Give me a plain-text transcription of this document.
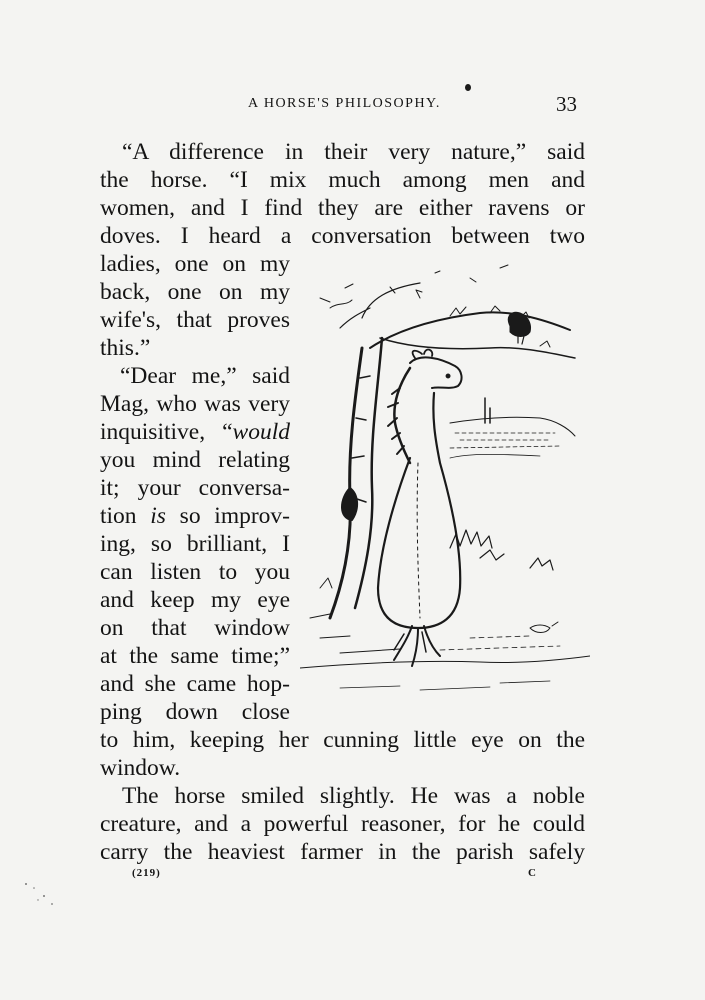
A HORSE'S PHILOSOPHY.	33
“A difference in their very nature,” said
the horse. “I mix much among men and
women, and I find they are either ravens or
doves. I heard a conversation between two
ladies, one on my
back, one on my
wife's, that proves
this.”
“Dear me,” said
Mag, who was very
inquisitive, “would
you mind relating
it; your conversa-
tion is so improv-
ing, so brilliant, I
can listen to you
and keep my eye
on that window
at the same time;”
and she came hop-
ping down close
to him, keeping her cunning little eye on the
window.
The horse smiled slightly. He was a noble
creature, and a powerful reasoner, for he could
carry the heaviest farmer in the parish safely
(219)	C
